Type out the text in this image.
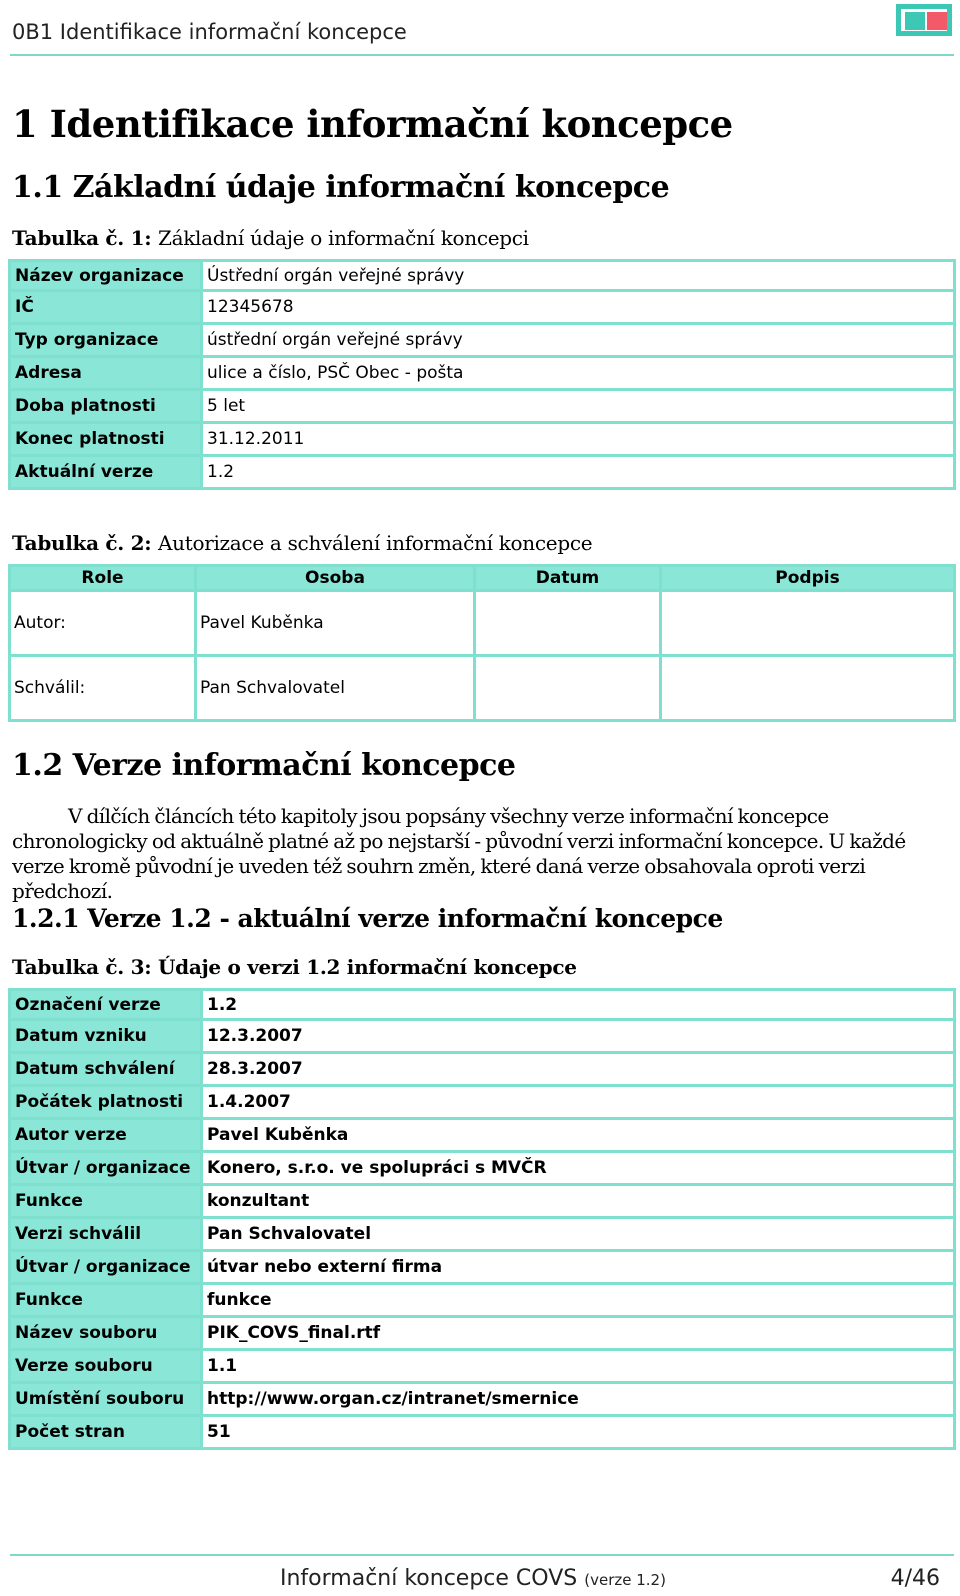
0B1 Identifikace informační koncepce
1 Identifikace informační koncepce
1.1 Základní údaje informační koncepce
Tabulka č. 1: Základní údaje o informační koncepci
Název organizace	Ústřední orgán veřejné správy
IČ	12345678
Typ organizace	ústřední orgán veřejné správy
Adresa	ulice a číslo, PSČ Obec - pošta
Doba platnosti	5 let
Konec platnosti	31.12.2011
Aktuální verze	1.2
Tabulka č. 2: Autorizace a schválení informační koncepce
Role	Osoba	Datum	Podpis
Autor:	Pavel Kuběnka		
Schválil:	Pan Schvalovatel		
1.2 Verze informační koncepce
V dílčích článcích této kapitoly jsou popsány všechny verze informační koncepce chronologicky od aktuálně platné až po nejstarší - původní verzi informační koncepce. U každé verze kromě původní je uveden též souhrn změn, které daná verze obsahovala oproti verzi předchozí.
1.2.1 Verze 1.2 - aktuální verze informační koncepce
Tabulka č. 3: Údaje o verzi 1.2 informační koncepce
Označení verze	1.2
Datum vzniku	12.3.2007
Datum schválení	28.3.2007
Počátek platnosti	1.4.2007
Autor verze	Pavel Kuběnka
Útvar / organizace	Konero, s.r.o. ve spolupráci s MVČR
Funkce	konzultant
Verzi schválil	Pan Schvalovatel
Útvar / organizace	útvar nebo externí firma
Funkce	funkce
Název souboru	PIK_COVS_final.rtf
Verze souboru	1.1
Umístění souboru	http://www.organ.cz/intranet/smernice
Počet stran	51
Informační koncepce COVS (verze 1.2)	4/46
